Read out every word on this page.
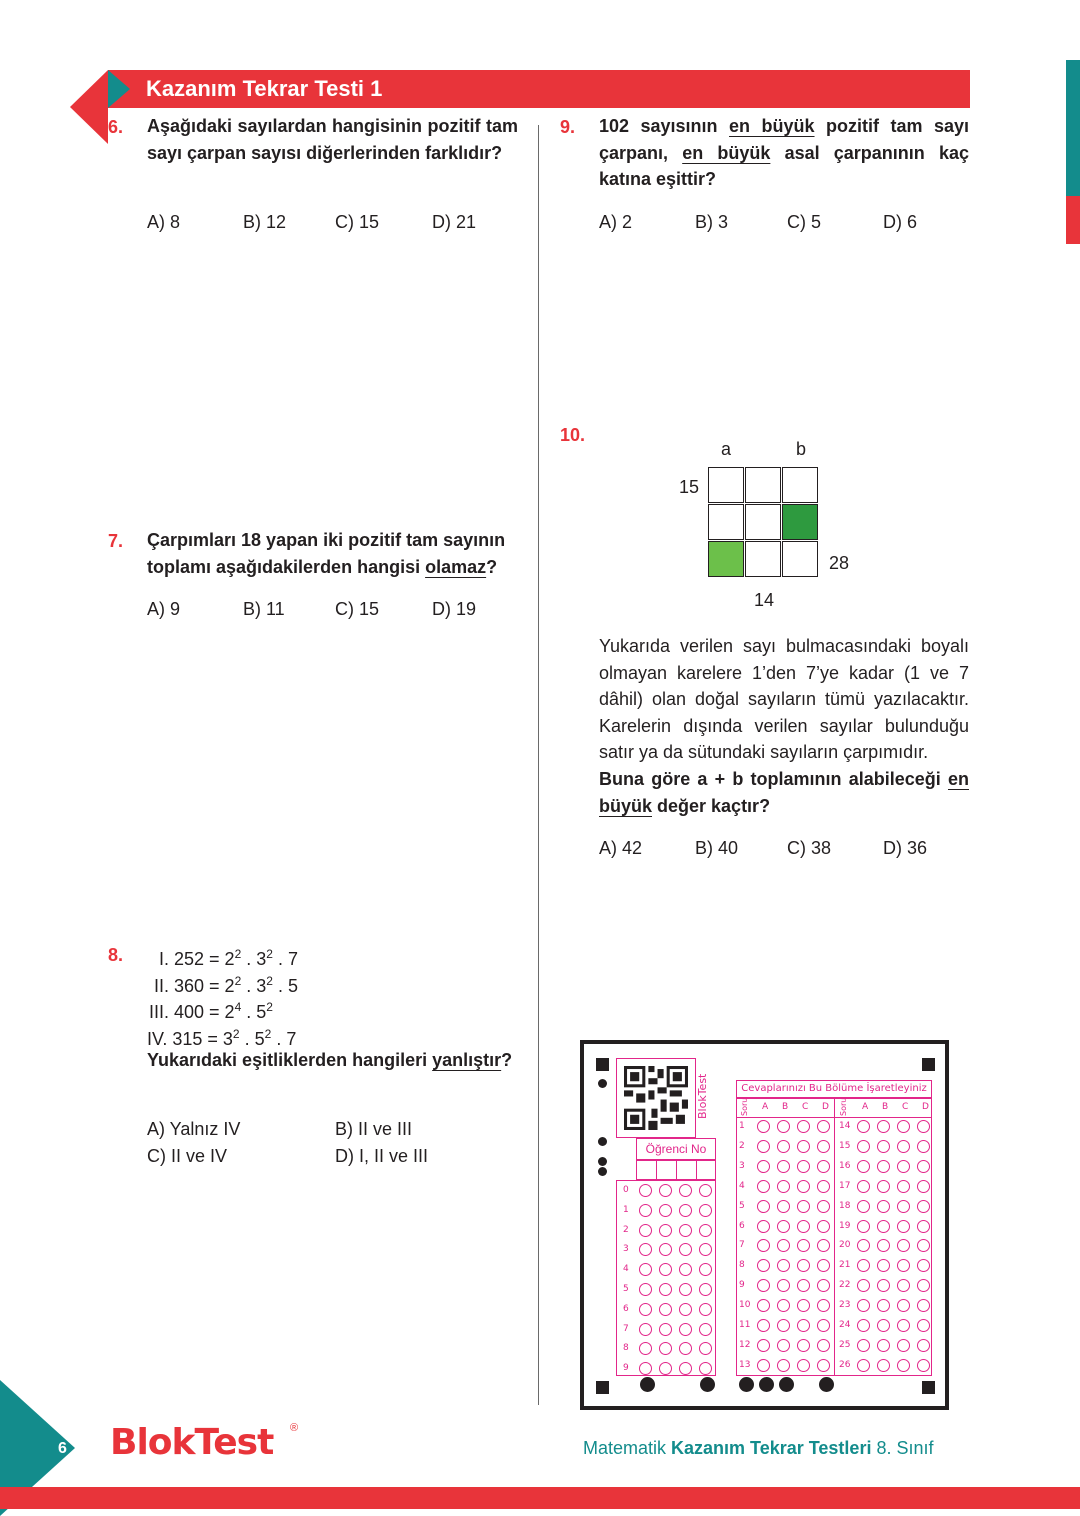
Kazanım Tekrar Testi 1
6. Aşağıdaki sayılardan hangisinin pozitif tam sayı çarpan sayısı diğerlerinden farklıdır?
A) 8	B) 12	C) 15	D) 21
7. Çarpımları 18 yapan iki pozitif tam sayının toplamı aşağıdakilerden hangisi olamaz?
A) 9	B) 11	C) 15	D) 19
8. I. $252 = 2^2$ . $3^2$ . 7
II. $360 = 2^2$ . $3^2$ . 5
III. $400 = 2^4$ . $5^2$
IV. $315 = 3^2$ . $5^2$ . 7
Yukarıdaki eşitliklerden hangileri yanlıştır?
A) Yalnız IV	B) II ve III
C) II ve IV	D) I, II ve III
9. 102 sayısının en büyük pozitif tam sayı çarpanı, en büyük asal çarpanının kaç katına eşittir?
A) 2	B) 3	C) 5	D) 6
10.
a	b
15
28
14
Yukarıda verilen sayı bulmacasındaki boyalı olmayan karelere 1’den 7’ye kadar (1 ve 7 dâhil) olan doğal sayıların tümü yazılacaktır. Karelerin dışında verilen sayılar bulunduğu satır ya da sütundaki sayıların çarpımıdır.
Buna göre a + b toplamının alabileceği en büyük değer kaçtır?
A) 42	B) 40	C) 38	D) 36
BlokTest
Öğrenci No
Cevaplarınızı Bu Bölüme İşaretleyiniz
Soru	Soru
0
1
2
3
4
5
6
7
8
9
A B C D	A B C D
1
2
3
4
5
6
7
8
9
10
11
12
13
14
15
16
17
18
19
20
21
22
23
24
25
26
6 BlokTest ®
Matematik Kazanım Tekrar Testleri 8. Sınıf
